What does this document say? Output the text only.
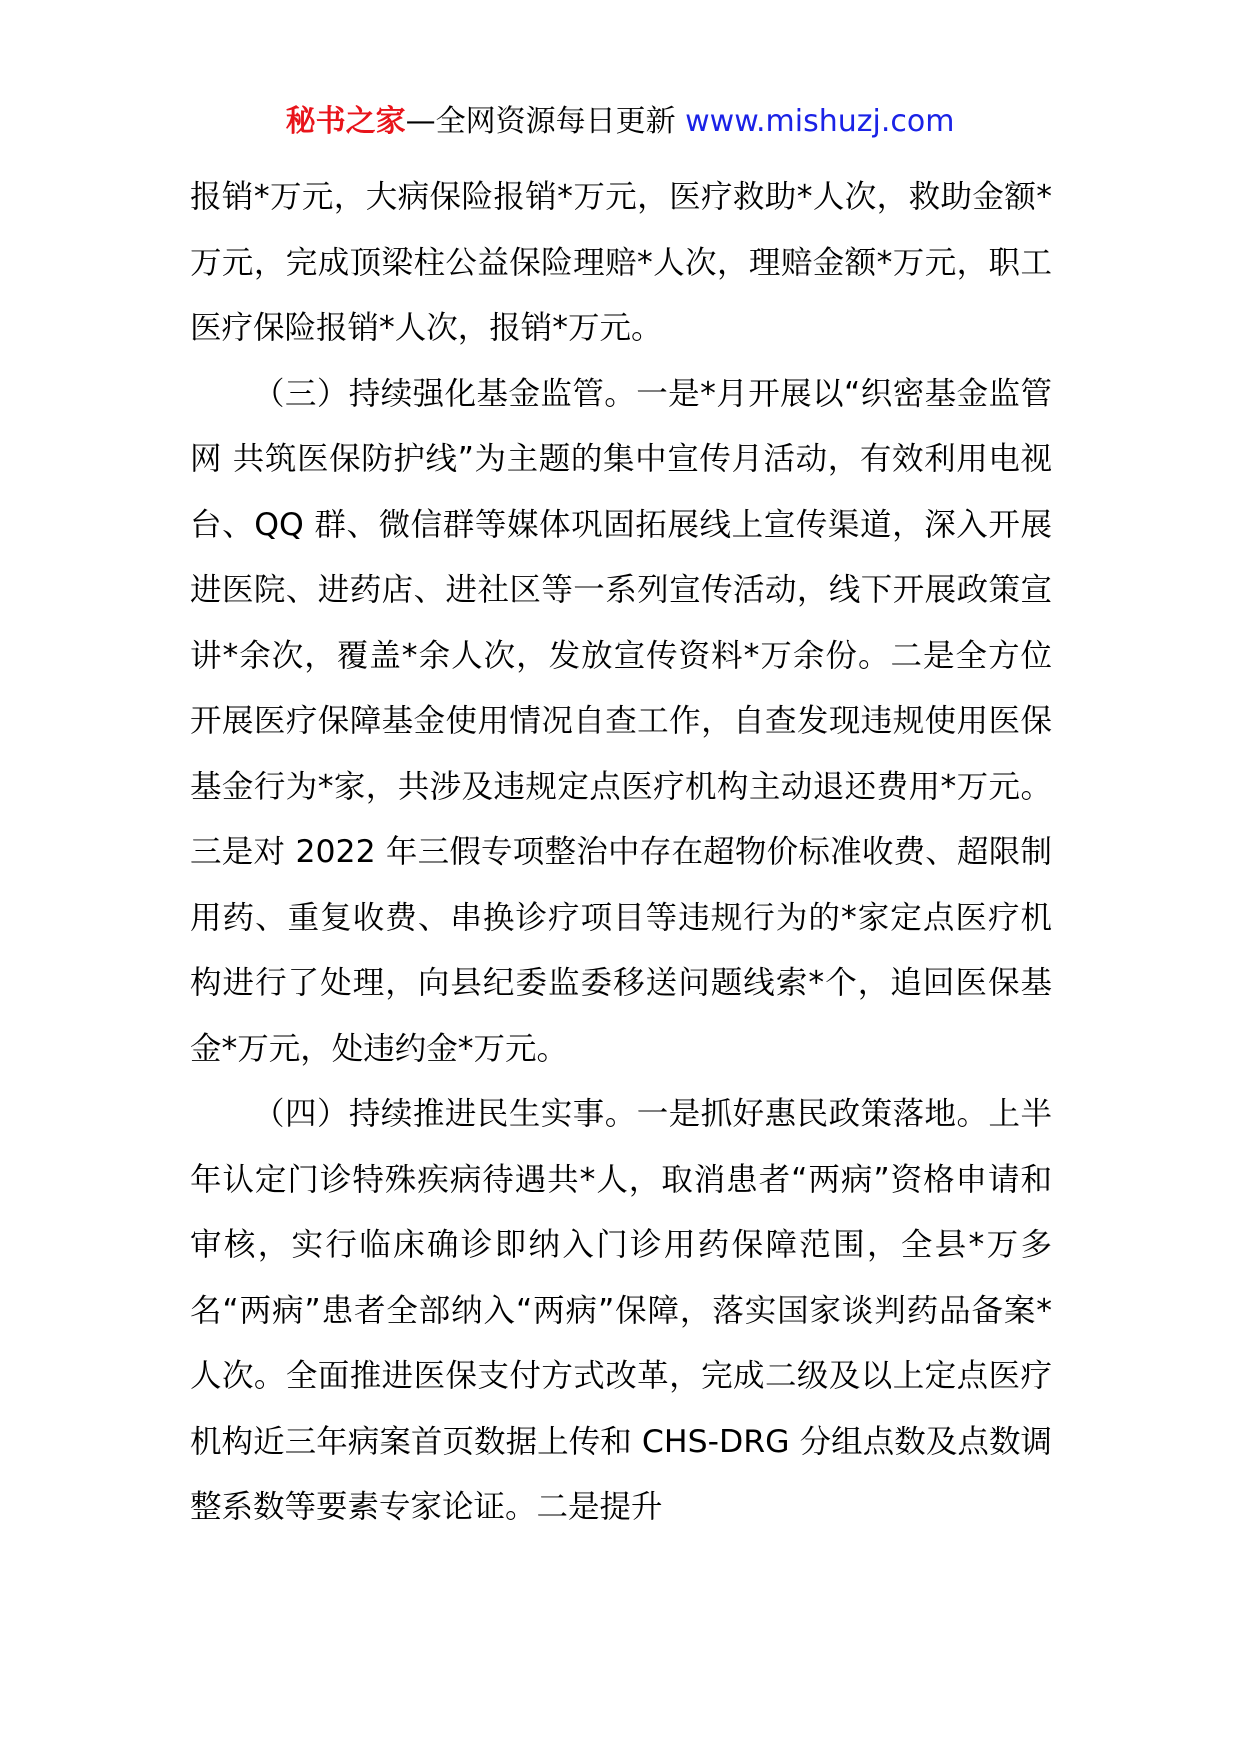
秘书之家—全网资源每日更新 www.mishuzj.com

报销*万元，大病保险报销*万元，医疗救助*人次，救助金额*万元，完成顶梁柱公益保险理赔*人次，理赔金额*万元，职工医疗保险报销*人次，报销*万元。

（三）持续强化基金监管。一是*月开展以“织密基金监管网 共筑医保防护线”为主题的集中宣传月活动，有效利用电视台、QQ 群、微信群等媒体巩固拓展线上宣传渠道，深入开展进医院、进药店、进社区等一系列宣传活动，线下开展政策宣讲*余次，覆盖*余人次，发放宣传资料*万余份。二是全方位开展医疗保障基金使用情况自查工作，自查发现违规使用医保基金行为*家，共涉及违规定点医疗机构主动退还费用*万元。三是对 2022 年三假专项整治中存在超物价标准收费、超限制用药、重复收费、串换诊疗项目等违规行为的*家定点医疗机构进行了处理，向县纪委监委移送问题线索*个，追回医保基金*万元，处违约金*万元。

（四）持续推进民生实事。一是抓好惠民政策落地。上半年认定门诊特殊疾病待遇共*人，取消患者“两病”资格申请和审核，实行临床确诊即纳入门诊用药保障范围，全县*万多名“两病”患者全部纳入“两病”保障，落实国家谈判药品备案*人次。全面推进医保支付方式改革，完成二级及以上定点医疗机构近三年病案首页数据上传和 CHS-DRG 分组点数及点数调整系数等要素专家论证。二是提升
